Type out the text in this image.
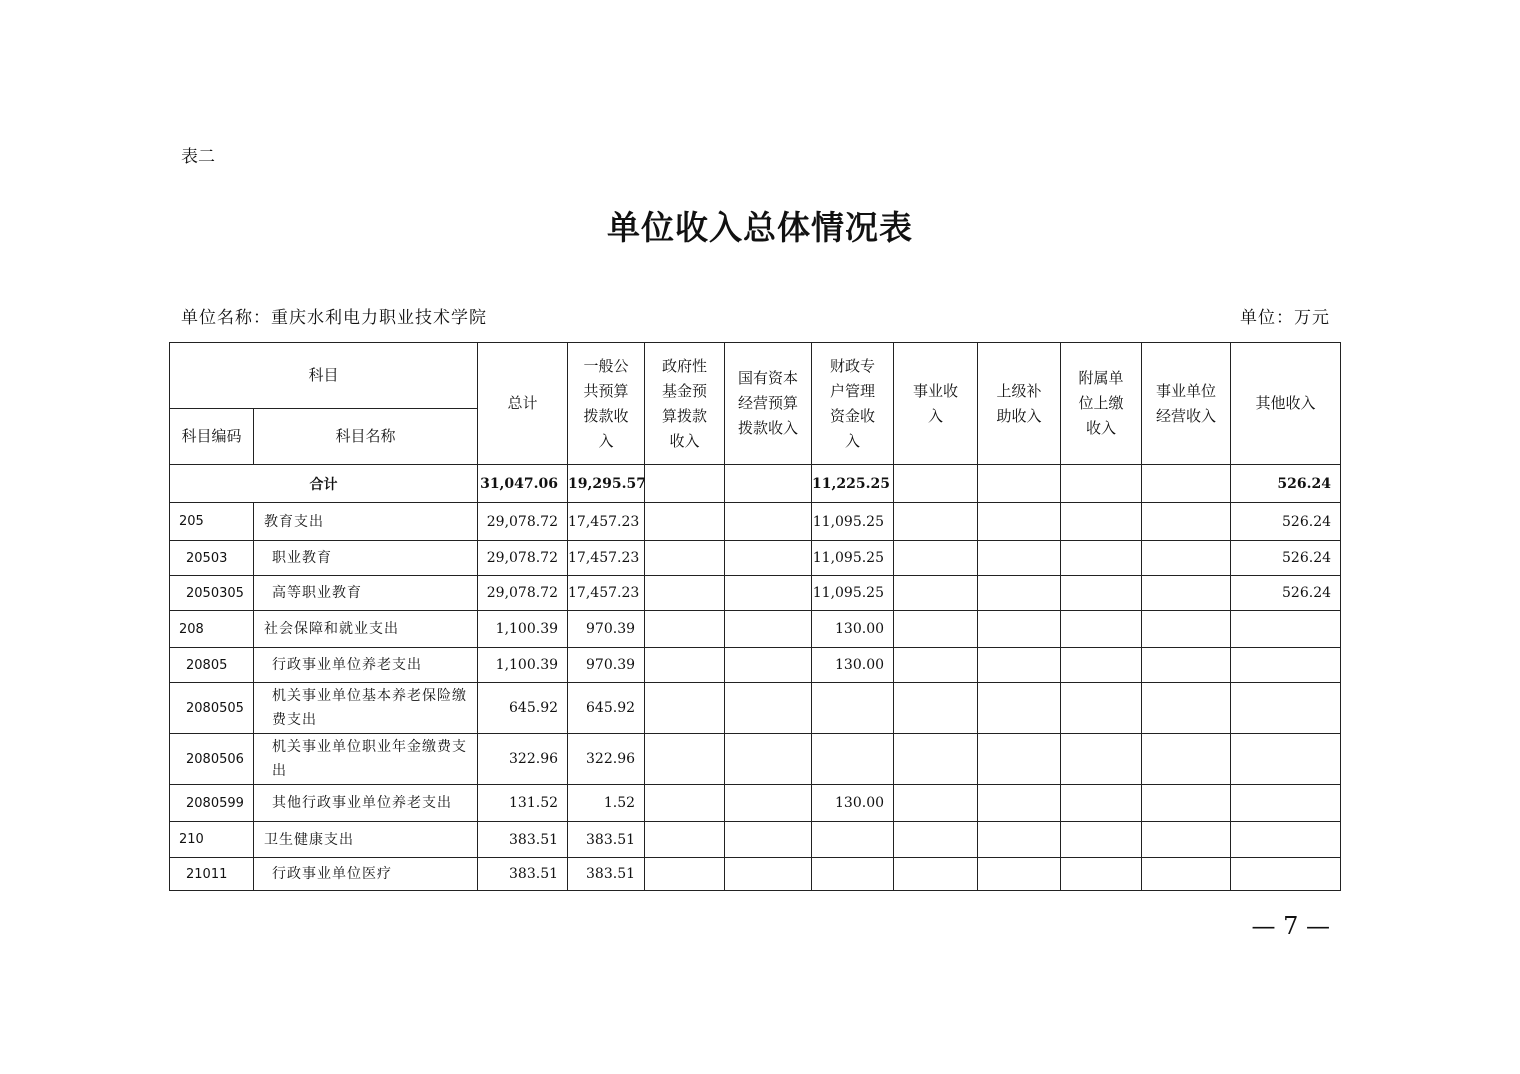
表二
单位收入总体情况表
单位名称：重庆水利电力职业技术学院	单位：万元
科目		总计	一般公共预算拨款收入	政府性基金预算拨款收入	国有资本经营预算拨款收入	财政专户管理资金收入	事业收入	上级补助收入	附属单位上缴收入	事业单位经营收入	其他收入
科目编码	科目名称										
合计		31,047.06	19,295.57			11,225.25					526.24
205	教育支出	29,078.72	17,457.23			11,095.25					526.24
20503	职业教育	29,078.72	17,457.23			11,095.25					526.24
2050305	高等职业教育	29,078.72	17,457.23			11,095.25					526.24
208	社会保障和就业支出	1,100.39	970.39			130.00					
20805	行政事业单位养老支出	1,100.39	970.39			130.00					
2080505	机关事业单位基本养老保险缴费支出	645.92	645.92								
2080506	机关事业单位职业年金缴费支出	322.96	322.96								
2080599	其他行政事业单位养老支出	131.52	1.52			130.00					
210	卫生健康支出	383.51	383.51								
21011	行政事业单位医疗	383.51	383.51								
— 7 —
